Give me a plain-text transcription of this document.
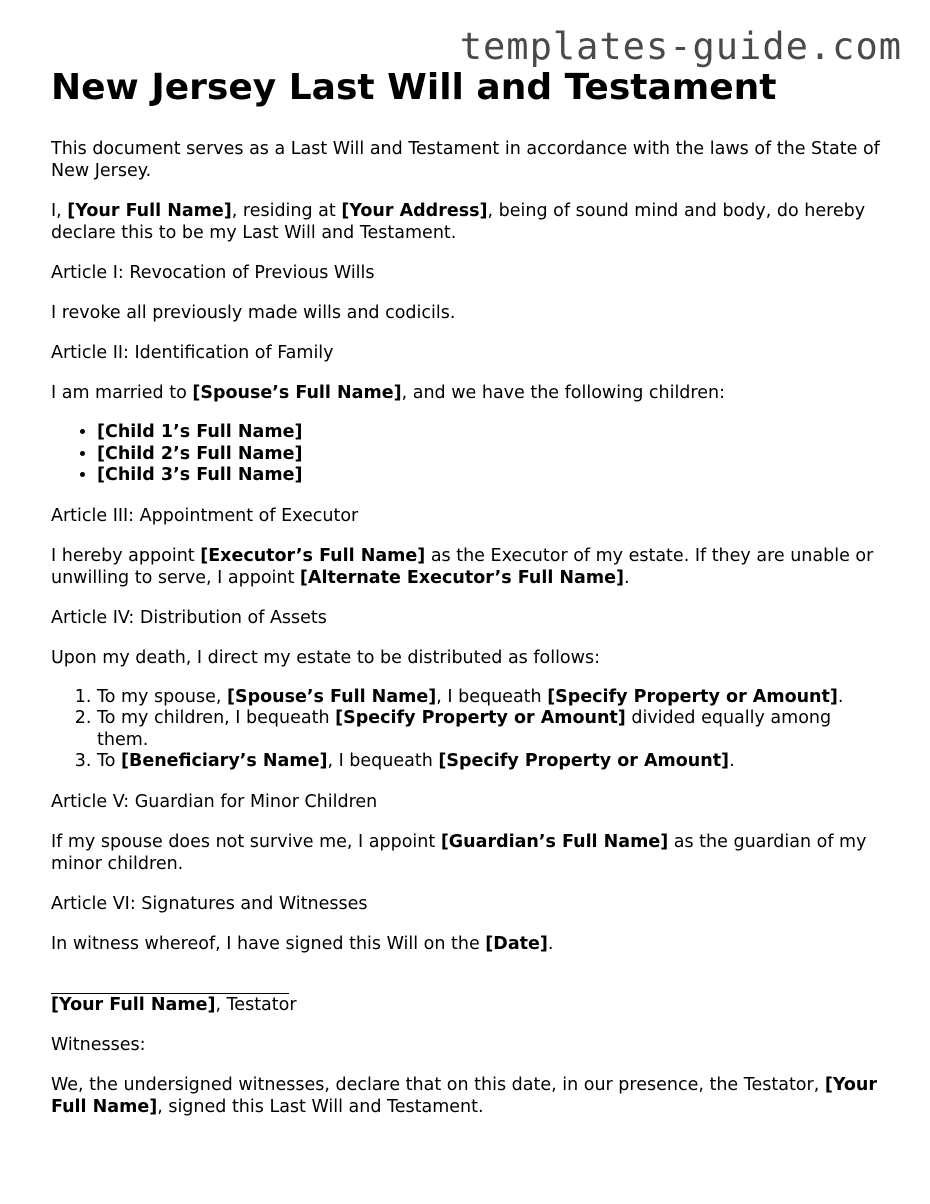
templates-guide.com
New Jersey Last Will and Testament

This document serves as a Last Will and Testament in accordance with the laws of the State of New Jersey.

I, [Your Full Name], residing at [Your Address], being of sound mind and body, do hereby declare this to be my Last Will and Testament.

Article I: Revocation of Previous Wills

I revoke all previously made wills and codicils.

Article II: Identification of Family

I am married to [Spouse’s Full Name], and we have the following children:

• [Child 1’s Full Name]
• [Child 2’s Full Name]
• [Child 3’s Full Name]

Article III: Appointment of Executor

I hereby appoint [Executor’s Full Name] as the Executor of my estate. If they are unable or unwilling to serve, I appoint [Alternate Executor’s Full Name].

Article IV: Distribution of Assets

Upon my death, I direct my estate to be distributed as follows:

1. To my spouse, [Spouse’s Full Name], I bequeath [Specify Property or Amount].
2. To my children, I bequeath [Specify Property or Amount] divided equally among them.
3. To [Beneficiary’s Name], I bequeath [Specify Property or Amount].

Article V: Guardian for Minor Children

If my spouse does not survive me, I appoint [Guardian’s Full Name] as the guardian of my minor children.

Article VI: Signatures and Witnesses

In witness whereof, I have signed this Will on the [Date].

[Your Full Name], Testator

Witnesses:

We, the undersigned witnesses, declare that on this date, in our presence, the Testator, [Your Full Name], signed this Last Will and Testament.
